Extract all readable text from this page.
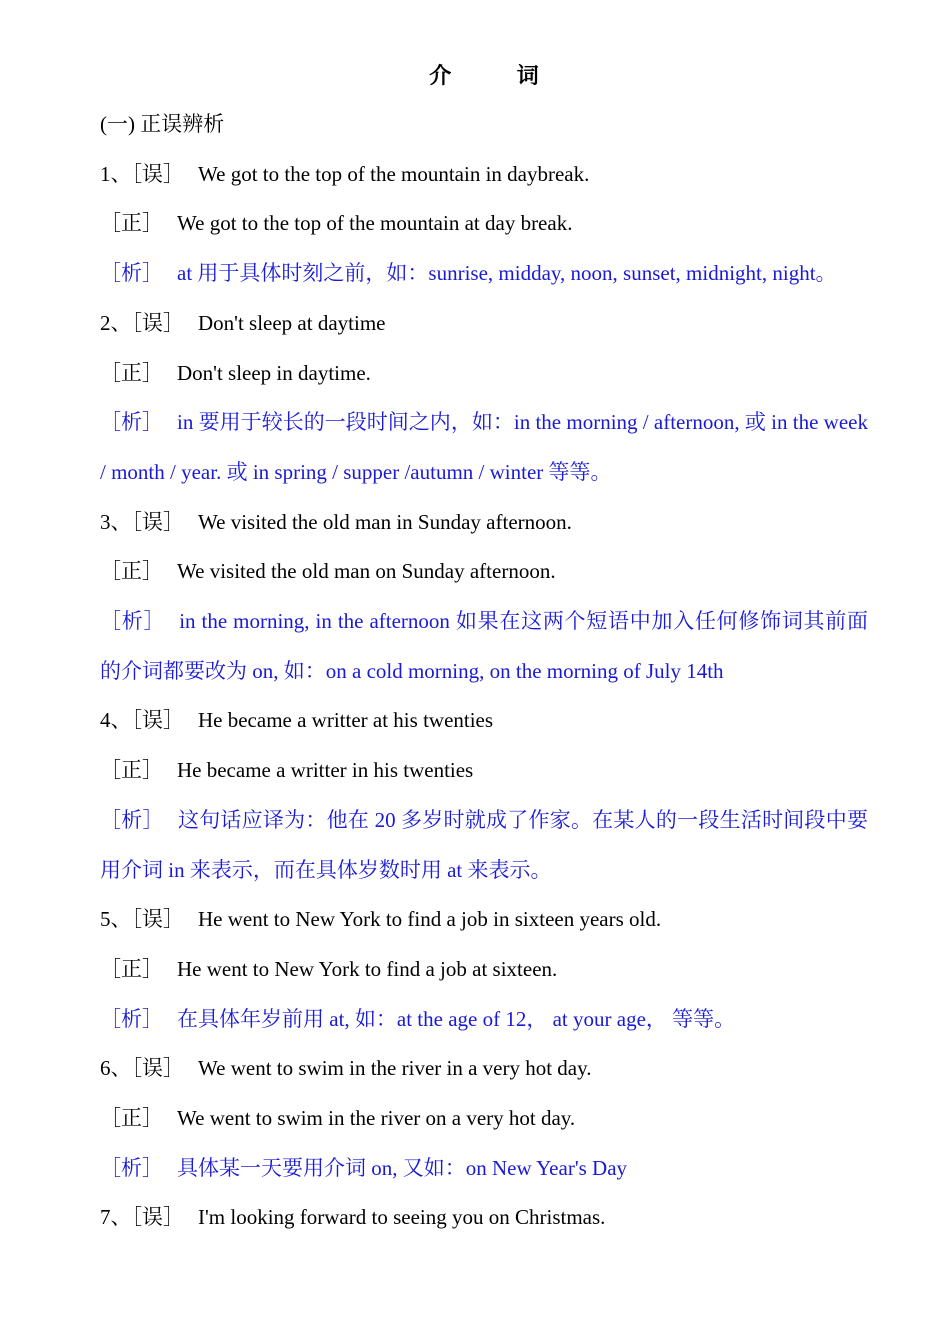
介 词
(一) 正误辨析
1、［误］ We got to the top of the mountain in daybreak.
［正］ We got to the top of the mountain at day break.
［析］ at 用于具体时刻之前，如：sunrise, midday, noon, sunset, midnight, night。
2、［误］ Don't sleep at daytime
［正］ Don't sleep in daytime.
［析］ in 要用于较长的一段时间之内，如：in the morning / afternoon, 或 in the week / month / year. 或 in spring / supper /autumn / winter 等等。
3、［误］ We visited the old man in Sunday afternoon.
［正］ We visited the old man on Sunday afternoon.
［析］ in the morning, in the afternoon 如果在这两个短语中加入任何修饰词其前面的介词都要改为 on, 如：on a cold morning, on the morning of July 14th
4、［误］ He became a writter at his twenties
［正］ He became a writter in his twenties
［析］ 这句话应译为：他在 20 多岁时就成了作家。在某人的一段生活时间段中要用介词 in 来表示，而在具体岁数时用 at 来表示。
5、［误］ He went to New York to find a job in sixteen years old.
［正］ He went to New York to find a job at sixteen.
［析］ 在具体年岁前用 at, 如：at the age of 12， at your age， 等等。
6、［误］ We went to swim in the river in a very hot day.
［正］ We went to swim in the river on a very hot day.
［析］ 具体某一天要用介词 on, 又如：on New Year's Day
7、［误］ I'm looking forward to seeing you on Christmas.
